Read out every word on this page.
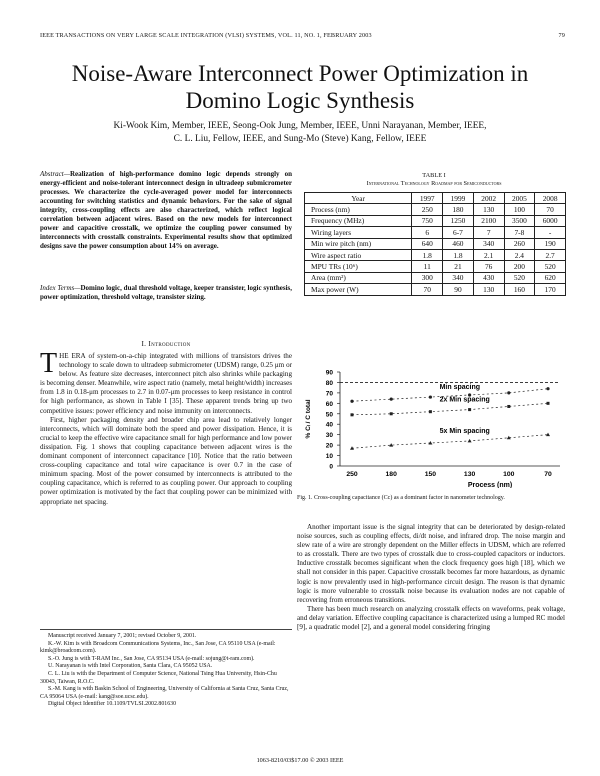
IEEE TRANSACTIONS ON VERY LARGE SCALE INTEGRATION (VLSI) SYSTEMS, VOL. 11, NO. 1, FEBRUARY 2003	79
Noise-Aware Interconnect Power Optimization in
Domino Logic Synthesis
Ki-Wook Kim, Member, IEEE, Seong-Ook Jung, Member, IEEE, Unni Narayanan, Member, IEEE,
C. L. Liu, Fellow, IEEE, and Sung-Mo (Steve) Kang, Fellow, IEEE
Abstract—Realization of high-performance domino logic depends strongly on energy-efficient and noise-tolerant interconnect design in ultradeep submicrometer processes. We characterize the cycle-averaged power model for interconnects accounting for switching statistics and dynamic behaviors. For the sake of signal integrity, cross-coupling effects are also characterized, which reflect logical correlation between adjacent wires. Based on the new models for interconnect power and capacitive crosstalk, we optimize the coupling power consumed by interconnects with crosstalk constraints. Experimental results show that optimized designs save the power consumption about 14% on average.
Index Terms—Domino logic, dual threshold voltage, keeper transister, logic synthesis, power optimization, threshold voltage, transister sizing.
I. Introduction

THE ERA of system-on-a-chip integrated with millions of transistors drives the technology to scale down to ultradeep submicrometer (UDSM) range, 0.25 μm or below. As feature size decreases, interconnect pitch also shrinks while packaging is becoming denser. Meanwhile, wire aspect ratio (namely, metal height/width) increases from 1.8 in 0.18-μm processes to 2.7 in 0.07-μm processes to keep resistance in control for high performance, as shown in Table I [35]. These apparent trends bring up two competitive issues: power efficiency and noise immunity on interconnects.

First, higher packaging density and broader chip area lead to relatively longer interconnects, which will dominate both the speed and power dissipation. Hence, it is crucial to keep the effective wire capacitance small for high performance and low power dissipation. Fig. 1 shows that coupling capacitance between adjacent wires is the dominant component of interconnect capacitance [10]. Notice that the ratio between cross-coupling capacitance and total wire capacitance is over 0.7 in the case of minimum spacing. Most of the power consumed by interconnects is attributed to the coupling capacitance, which is referred to as coupling power. Our approach to coupling power optimization is motivated by the fact that coupling power can be minimized with appropriate net spacing.

Manuscript received January 7, 2001; revised October 9, 2001.
K.-W. Kim is with Broadcom Communications Systems, Inc., San Jose, CA 95110 USA (e-mail: kimk@broadcom.com).
S.-O. Jung is with T-RAM Inc., San Jose, CA 95134 USA (e-mail: sojung@t-ram.com).
U. Narayanan is with Intel Corporation, Santa Clara, CA 95052 USA.
C. L. Liu is with the Department of Computer Science, National Tsing Hua University, Hsin-Chu 30043, Taiwan, R.O.C.
S.-M. Kang is with Baskin School of Engineering, University of California at Santa Cruz, Santa Cruz, CA 95064 USA (e-mail: kang@soe.ucsc.edu).
Digital Object Identifier 10.1109/TVLSI.2002.801630
TABLE I
International Technology Roadmap for Semiconductors
Year	1997	1999	2002	2005	2008
Process (nm)	250	180	130	100	70
Frequency (MHz)	750	1250	2100	3500	6000
Wiring layers	6	6-7	7	7-8	-
Min wire pitch (nm)	640	460	340	260	190
Wire aspect ratio	1.8	1.8	2.1	2.4	2.7
MPU TRs (10⁶)	11	21	76	200	520
Area (mm²)	300	340	430	520	620
Max power (W)	70	90	130	160	170
0
10
20
30
40
50
60
70
80
90
250	180	150	130	100	70
Process (nm)
% Cₗ / C total
Min spacing
2x Min spacing
5x Min spacing
Fig. 1. Cross-coupling capacitance (Cc) as a dominant factor in nanometer technology.

Another important issue is the signal integrity that can be deteriorated by design-related noise sources, such as coupling effects, di/dt noise, and infrared drop. The noise margin and slew rate of a wire are strongly dependent on the Miller effects in UDSM, which are referred to as crosstalk. There are two types of crosstalk due to cross-coupled capacitors or inductors. Inductive crosstalk becomes significant when the clock frequency goes high [18], which we shall not consider in this paper. Capacitive crosstalk becomes far more hazardous, as dynamic logic is now prevalently used in high-performance circuit design. The reason is that dynamic logic is more vulnerable to crosstalk noise because its evaluation nodes are not capable of recovering from erroneous transitions.

There has been much research on analyzing crosstalk effects on waveforms, peak voltage, and delay variation. Effective coupling capacitance is characterized using a lumped RC model [9], a quadratic model [2], and a general model considering fringing

1063-8210/03$17.00 © 2003 IEEE
